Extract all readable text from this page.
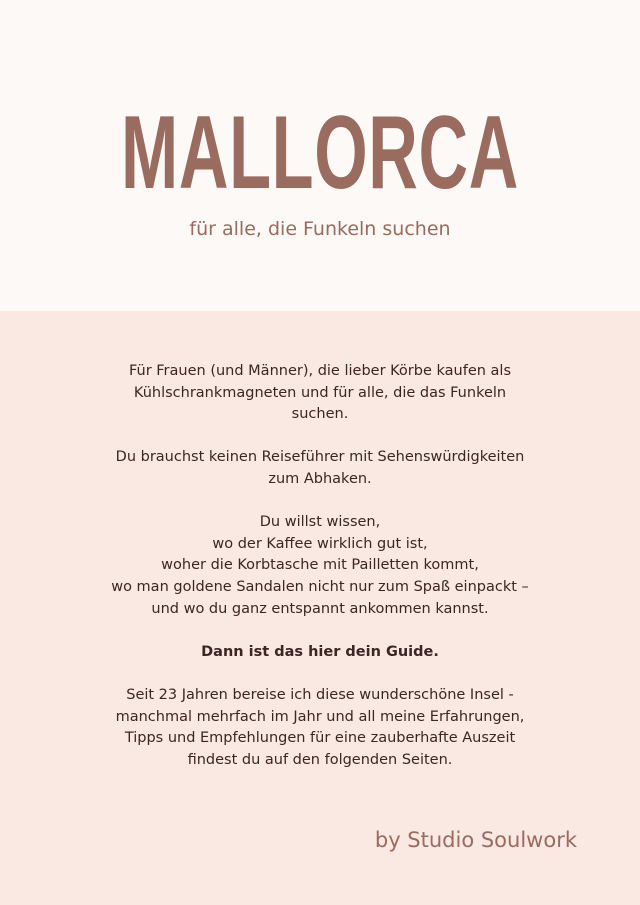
MALLORCA
für alle, die Funkeln suchen

Für Frauen (und Männer), die lieber Körbe kaufen als
Kühlschrankmagneten und für alle, die das Funkeln
suchen.

Du brauchst keinen Reiseführer mit Sehenswürdigkeiten
zum Abhaken.

Du willst wissen,
wo der Kaffee wirklich gut ist,
woher die Korbtasche mit Pailletten kommt,
wo man goldene Sandalen nicht nur zum Spaß einpackt –
und wo du ganz entspannt ankommen kannst.

Dann ist das hier dein Guide.

Seit 23 Jahren bereise ich diese wunderschöne Insel -
manchmal mehrfach im Jahr und all meine Erfahrungen,
Tipps und Empfehlungen für eine zauberhafte Auszeit
findest du auf den folgenden Seiten.

by Studio Soulwork
